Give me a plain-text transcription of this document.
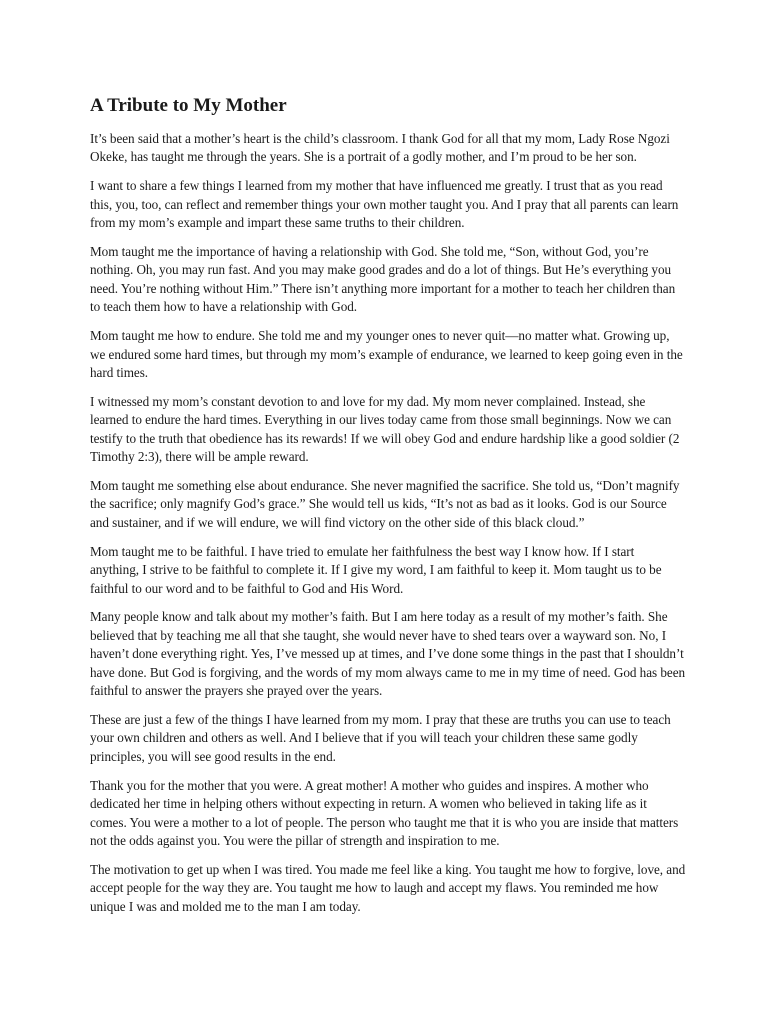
A Tribute to My Mother

It’s been said that a mother’s heart is the child’s classroom. I thank God for all that my mom, Lady Rose Ngozi Okeke, has taught me through the years. She is a portrait of a godly mother, and I’m proud to be her son.

I want to share a few things I learned from my mother that have influenced me greatly. I trust that as you read this, you, too, can reflect and remember things your own mother taught you. And I pray that all parents can learn from my mom’s example and impart these same truths to their children.

Mom taught me the importance of having a relationship with God. She told me, “Son, without God, you’re nothing. Oh, you may run fast. And you may make good grades and do a lot of things. But He’s everything you need. You’re nothing without Him.” There isn’t anything more important for a mother to teach her children than to teach them how to have a relationship with God.

Mom taught me how to endure. She told me and my younger ones to never quit—no matter what. Growing up, we endured some hard times, but through my mom’s example of endurance, we learned to keep going even in the hard times.

I witnessed my mom’s constant devotion to and love for my dad. My mom never complained. Instead, she learned to endure the hard times. Everything in our lives today came from those small beginnings. Now we can testify to the truth that obedience has its rewards! If we will obey God and endure hardship like a good soldier (2 Timothy 2:3), there will be ample reward.

Mom taught me something else about endurance. She never magnified the sacrifice. She told us, “Don’t magnify the sacrifice; only magnify God’s grace.” She would tell us kids, “It’s not as bad as it looks. God is our Source and sustainer, and if we will endure, we will find victory on the other side of this black cloud.”

Mom taught me to be faithful. I have tried to emulate her faithfulness the best way I know how. If I start anything, I strive to be faithful to complete it. If I give my word, I am faithful to keep it. Mom taught us to be faithful to our word and to be faithful to God and His Word.

Many people know and talk about my mother’s faith. But I am here today as a result of my mother’s faith. She believed that by teaching me all that she taught, she would never have to shed tears over a wayward son. No, I haven’t done everything right. Yes, I’ve messed up at times, and I’ve done some things in the past that I shouldn’t have done. But God is forgiving, and the words of my mom always came to me in my time of need. God has been faithful to answer the prayers she prayed over the years.

These are just a few of the things I have learned from my mom. I pray that these are truths you can use to teach your own children and others as well. And I believe that if you will teach your children these same godly principles, you will see good results in the end.

Thank you for the mother that you were. A great mother! A mother who guides and inspires. A mother who dedicated her time in helping others without expecting in return. A women who believed in taking life as it comes. You were a mother to a lot of people. The person who taught me that it is who you are inside that matters not the odds against you. You were the pillar of strength and inspiration to me.

The motivation to get up when I was tired. You made me feel like a king. You taught me how to forgive, love, and accept people for the way they are. You taught me how to laugh and accept my flaws. You reminded me how unique I was and molded me to the man I am today.
